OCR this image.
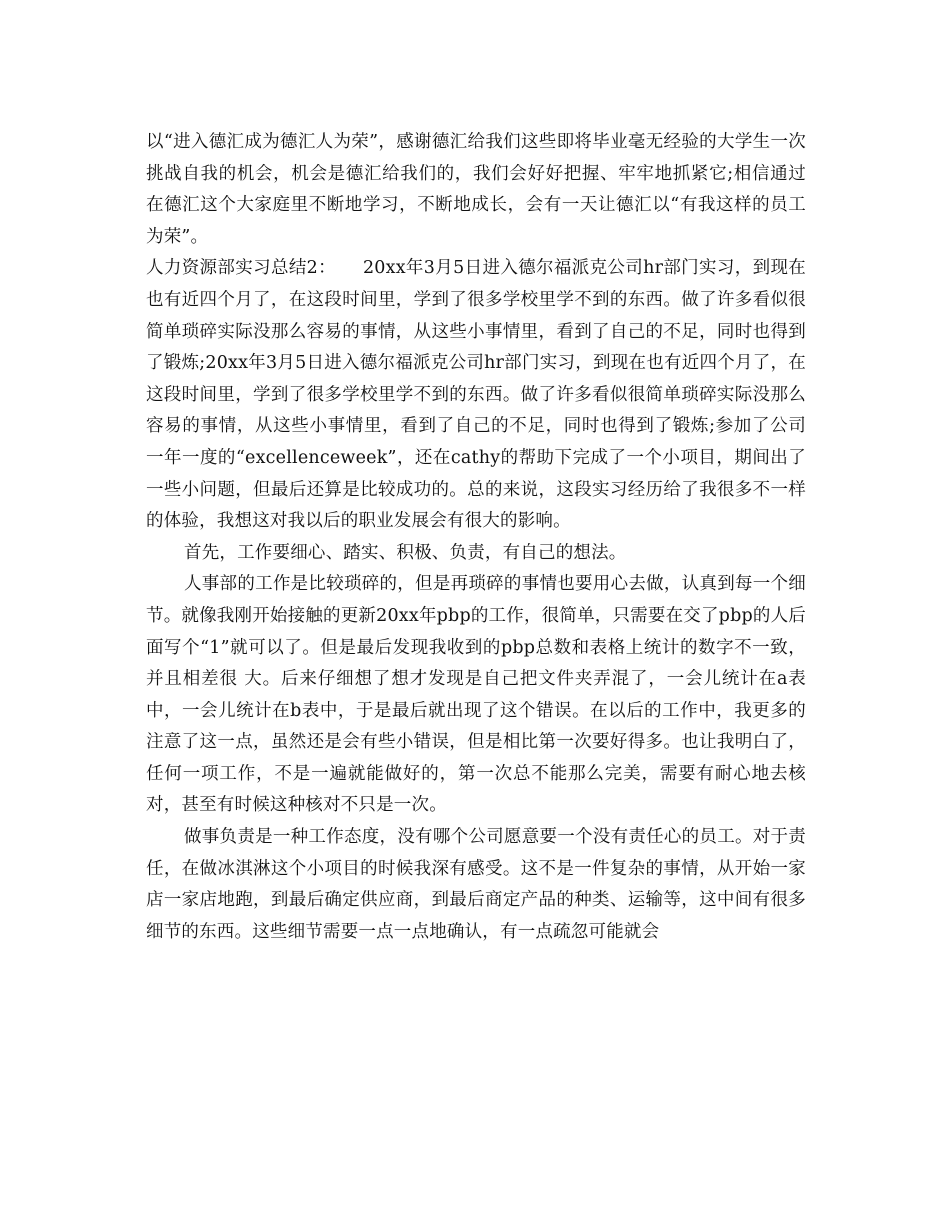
以“进入德汇成为德汇人为荣”，感谢德汇给我们这些即将毕业毫无经验的大学生一次挑战自我的机会，机会是德汇给我们的，我们会好好把握、牢牢地抓紧它;相信通过在德汇这个大家庭里不断地学习，不断地成长，会有一天让德汇以“有我这样的员工为荣”。

人力资源部实习总结2：　　20xx年3月5日进入德尔福派克公司hr部门实习，到现在也有近四个月了，在这段时间里，学到了很多学校里学不到的东西。做了许多看似很简单琐碎实际没那么容易的事情，从这些小事情里，看到了自己的不足，同时也得到了锻炼;20xx年3月5日进入德尔福派克公司hr部门实习，到现在也有近四个月了，在这段时间里，学到了很多学校里学不到的东西。做了许多看似很简单琐碎实际没那么容易的事情，从这些小事情里，看到了自己的不足，同时也得到了锻炼;参加了公司一年一度的“excellenceweek”，还在cathy的帮助下完成了一个小项目，期间出了一些小问题，但最后还算是比较成功的。总的来说，这段实习经历给了我很多不一样的体验，我想这对我以后的职业发展会有很大的影响。

首先，工作要细心、踏实、积极、负责，有自己的想法。

人事部的工作是比较琐碎的，但是再琐碎的事情也要用心去做，认真到每一个细节。就像我刚开始接触的更新20xx年pbp的工作，很简单，只需要在交了pbp的人后面写个“1”就可以了。但是最后发现我收到的pbp总数和表格上统计的数字不一致，并且相差很 大。后来仔细想了想才发现是自己把文件夹弄混了，一会儿统计在a表中，一会儿统计在b表中，于是最后就出现了这个错误。在以后的工作中，我更多的注意了这一点，虽然还是会有些小错误，但是相比第一次要好得多。也让我明白了，任何一项工作，不是一遍就能做好的，第一次总不能那么完美，需要有耐心地去核对，甚至有时候这种核对不只是一次。

做事负责是一种工作态度，没有哪个公司愿意要一个没有责任心的员工。对于责任，在做冰淇淋这个小项目的时候我深有感受。这不是一件复杂的事情，从开始一家店一家店地跑，到最后确定供应商，到最后商定产品的种类、运输等，这中间有很多细节的东西。这些细节需要一点一点地确认，有一点疏忽可能就会
